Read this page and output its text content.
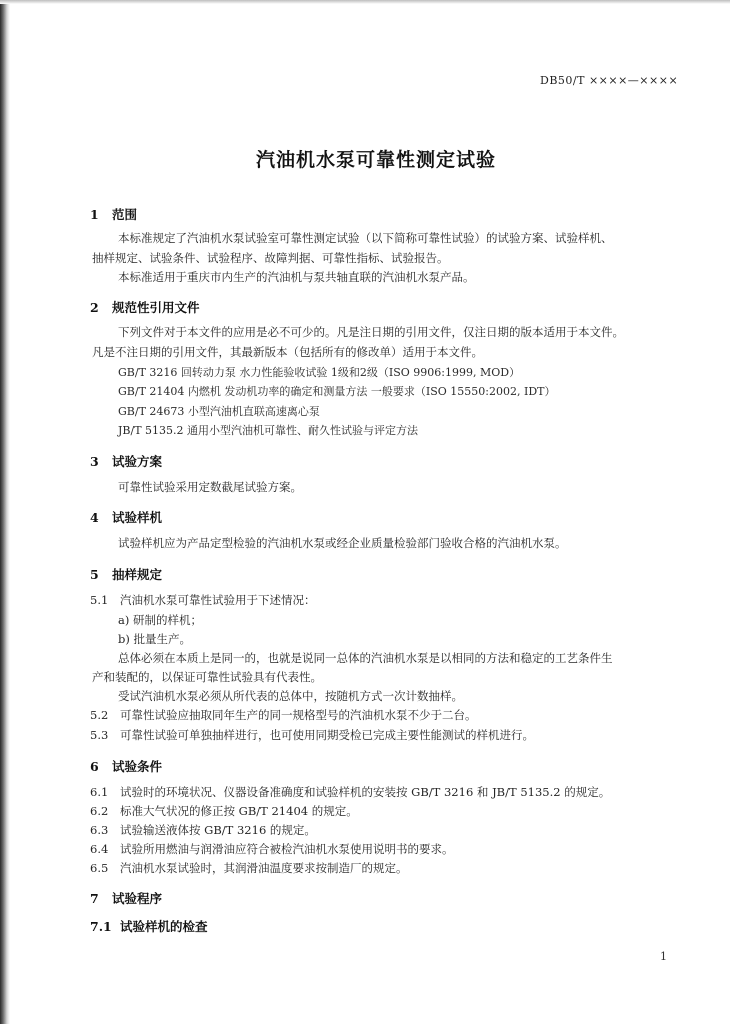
DB50/T ××××—××××
汽油机水泵可靠性测定试验
1 范围
本标准规定了汽油机水泵试验室可靠性测定试验（以下简称可靠性试验）的试验方案、试验样机、
抽样规定、试验条件、试验程序、故障判据、可靠性指标、试验报告。
本标准适用于重庆市内生产的汽油机与泵共轴直联的汽油机水泵产品。
2 规范性引用文件
下列文件对于本文件的应用是必不可少的。凡是注日期的引用文件，仅注日期的版本适用于本文件。
凡是不注日期的引用文件，其最新版本（包括所有的修改单）适用于本文件。
GB/T 3216 回转动力泵 水力性能验收试验 1级和2级（ISO 9906:1999, MOD）
GB/T 21404 内燃机 发动机功率的确定和测量方法 一般要求（ISO 15550:2002, IDT）
GB/T 24673 小型汽油机直联高速离心泵
JB/T 5135.2 通用小型汽油机可靠性、耐久性试验与评定方法
3 试验方案
可靠性试验采用定数截尾试验方案。
4 试验样机
试验样机应为产品定型检验的汽油机水泵或经企业质量检验部门验收合格的汽油机水泵。
5 抽样规定
5.1 汽油机水泵可靠性试验用于下述情况：
a) 研制的样机；
b) 批量生产。
总体必须在本质上是同一的，也就是说同一总体的汽油机水泵是以相同的方法和稳定的工艺条件生
产和装配的，以保证可靠性试验具有代表性。
受试汽油机水泵必须从所代表的总体中，按随机方式一次计数抽样。
5.2 可靠性试验应抽取同年生产的同一规格型号的汽油机水泵不少于二台。
5.3 可靠性试验可单独抽样进行，也可使用同期受检已完成主要性能测试的样机进行。
6 试验条件
6.1 试验时的环境状况、仪器设备准确度和试验样机的安装按 GB/T 3216 和 JB/T 5135.2 的规定。
6.2 标准大气状况的修正按 GB/T 21404 的规定。
6.3 试验输送液体按 GB/T 3216 的规定。
6.4 试验所用燃油与润滑油应符合被检汽油机水泵使用说明书的要求。
6.5 汽油机水泵试验时，其润滑油温度要求按制造厂的规定。
7 试验程序
7.1 试验样机的检查
1
